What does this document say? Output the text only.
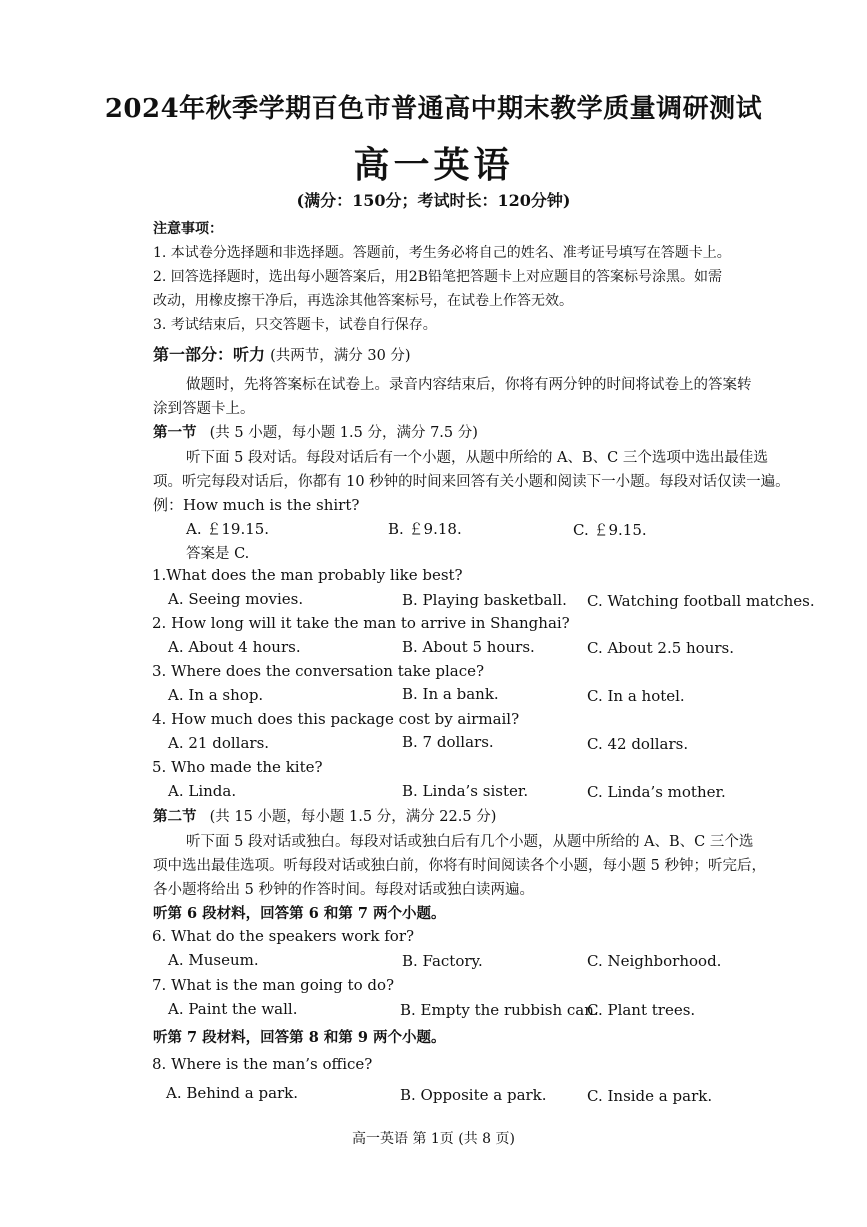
2024年秋季学期百色市普通高中期末教学质量调研测试
高一英语
(满分：150分；考试时长：120分钟)
注意事项：
1. 本试卷分选择题和非选择题。答题前，考生务必将自己的姓名、准考证号填写在答题卡上。
2. 回答选择题时，选出每小题答案后，用2B铅笔把答题卡上对应题目的答案标号涂黑。如需
改动，用橡皮擦干净后，再选涂其他答案标号，在试卷上作答无效。
3. 考试结束后，只交答题卡，试卷自行保存。
第一部分：听力 (共两节，满分 30 分)
做题时，先将答案标在试卷上。录音内容结束后，你将有两分钟的时间将试卷上的答案转
涂到答题卡上。
第一节 (共 5 小题，每小题 1.5 分，满分 7.5 分)
听下面 5 段对话。每段对话后有一个小题，从题中所给的 A、B、C 三个选项中选出最佳选
项。听完每段对话后，你都有 10 秒钟的时间来回答有关小题和阅读下一小题。每段对话仅读一遍。
例：How much is the shirt?
A. ￡19.15.	B. ￡9.18.	C. ￡9.15.
答案是 C.
1.What does the man probably like best?
A. Seeing movies.	B. Playing basketball. C. Watching football matches.
2. How long will it take the man to arrive in Shanghai?
A. About 4 hours.	B. About 5 hours.	C. About 2.5 hours.
3. Where does the conversation take place?
A. In a shop.	B. In a bank.	C. In a hotel.
4. How much does this package cost by airmail?
A. 21 dollars.	B. 7 dollars.	C. 42 dollars.
5. Who made the kite?
A. Linda.	B. Linda’s sister.	C. Linda’s mother.
第二节 (共 15 小题，每小题 1.5 分，满分 22.5 分)
听下面 5 段对话或独白。每段对话或独白后有几个小题，从题中所给的 A、B、C 三个选
项中选出最佳选项。听每段对话或独白前，你将有时间阅读各个小题，每小题 5 秒钟；听完后，
各小题将给出 5 秒钟的作答时间。每段对话或独白读两遍。
听第 6 段材料，回答第 6 和第 7 两个小题。
6. What do the speakers work for?
A. Museum.	B. Factory.	C. Neighborhood.
7. What is the man going to do?
A. Paint the wall.	B. Empty the rubbish can.
C. Plant trees.
听第 7 段材料，回答第 8 和第 9 两个小题。
8. Where is the man’s office?
A. Behind a park.	B. Opposite a park.	C. Inside a park.
高一英语 第 1页 (共 8 页)
